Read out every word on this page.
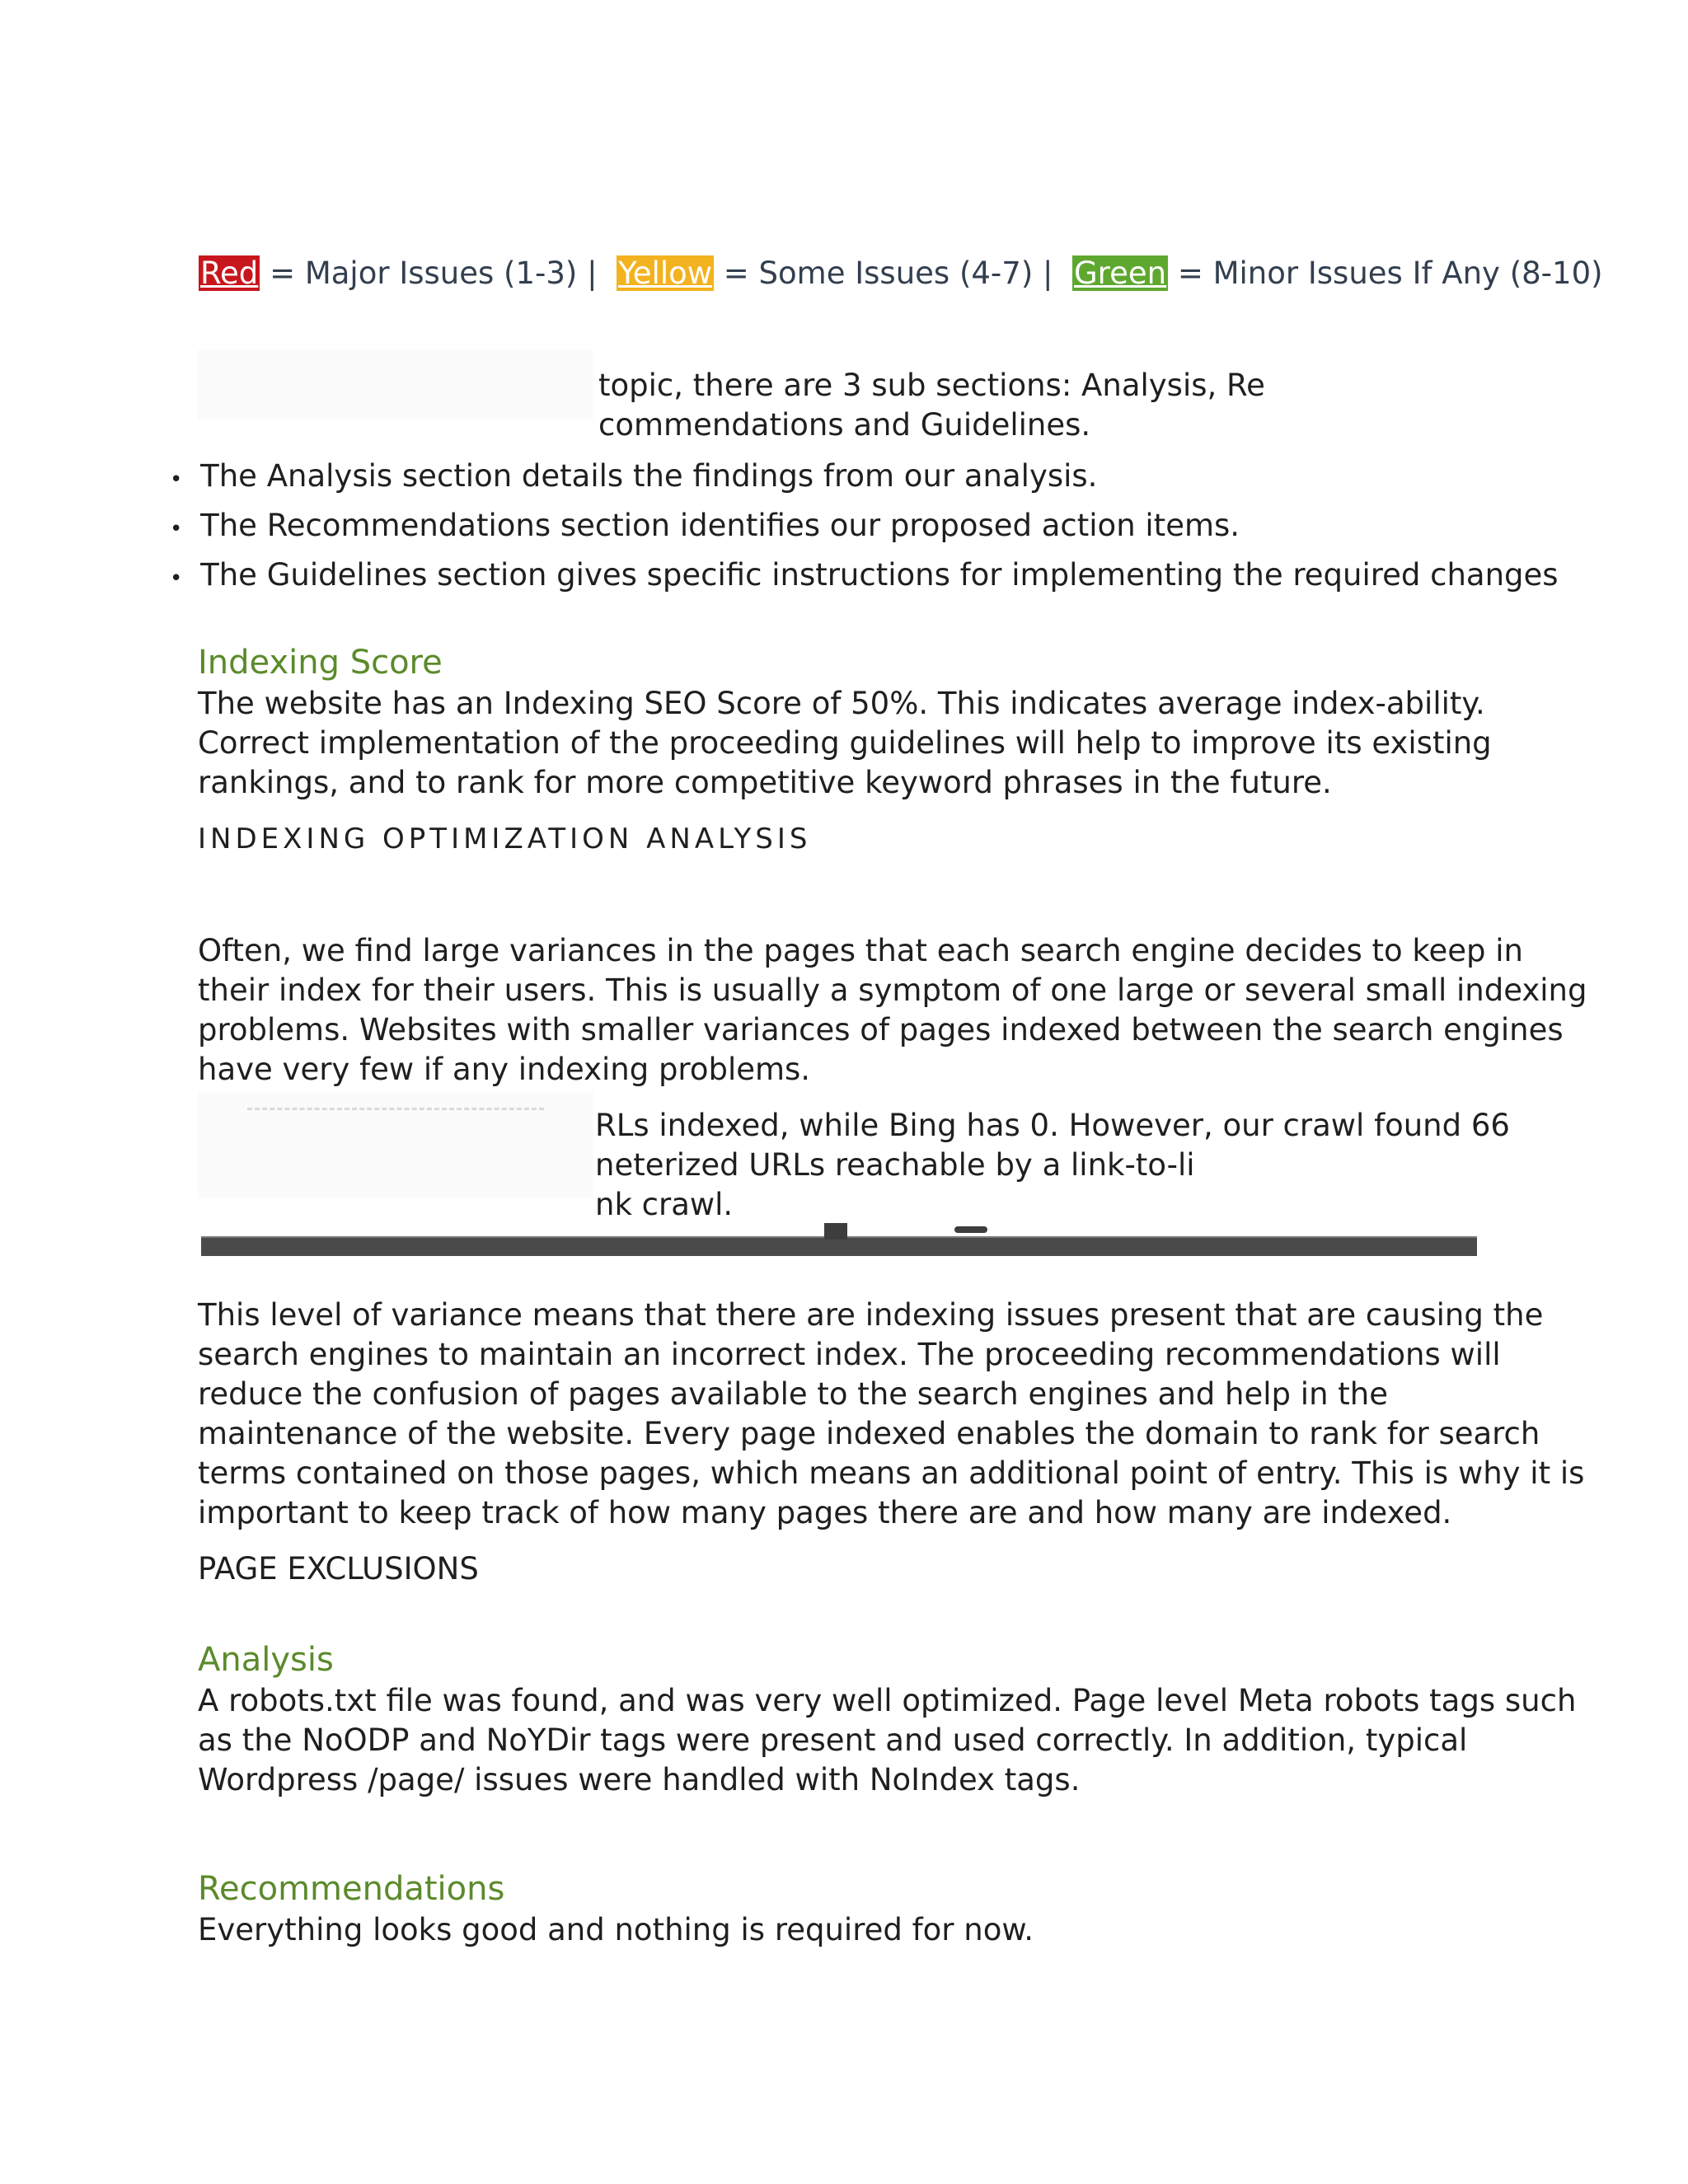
Red = Major Issues (1-3) | Yellow = Some Issues (4-7) | Green = Minor Issues If Any (8-10)
topic, there are 3 sub sections: Analysis, Re
commendations and Guidelines.
• The Analysis section details the findings from our analysis.
• The Recommendations section identifies our proposed action items.
• The Guidelines section gives specific instructions for implementing the required changes
Indexing Score
The website has an Indexing SEO Score of 50%. This indicates average index-ability.
Correct implementation of the proceeding guidelines will help to improve its existing
rankings, and to rank for more competitive keyword phrases in the future.
INDEXING OPTIMIZATION ANALYSIS
Often, we find large variances in the pages that each search engine decides to keep in
their index for their users. This is usually a symptom of one large or several small indexing
problems. Websites with smaller variances of pages indexed between the search engines
have very few if any indexing problems.
RLs indexed, while Bing has 0. However, our crawl found 66
neterized URLs reachable by a link-to-li
nk crawl.
This level of variance means that there are indexing issues present that are causing the
search engines to maintain an incorrect index. The proceeding recommendations will
reduce the confusion of pages available to the search engines and help in the
maintenance of the website. Every page indexed enables the domain to rank for search
terms contained on those pages, which means an additional point of entry. This is why it is
important to keep track of how many pages there are and how many are indexed.
PAGE EXCLUSIONS
Analysis
A robots.txt file was found, and was very well optimized. Page level Meta robots tags such
as the NoODP and NoYDir tags were present and used correctly. In addition, typical
Wordpress /page/ issues were handled with NoIndex tags.
Recommendations
Everything looks good and nothing is required for now.
